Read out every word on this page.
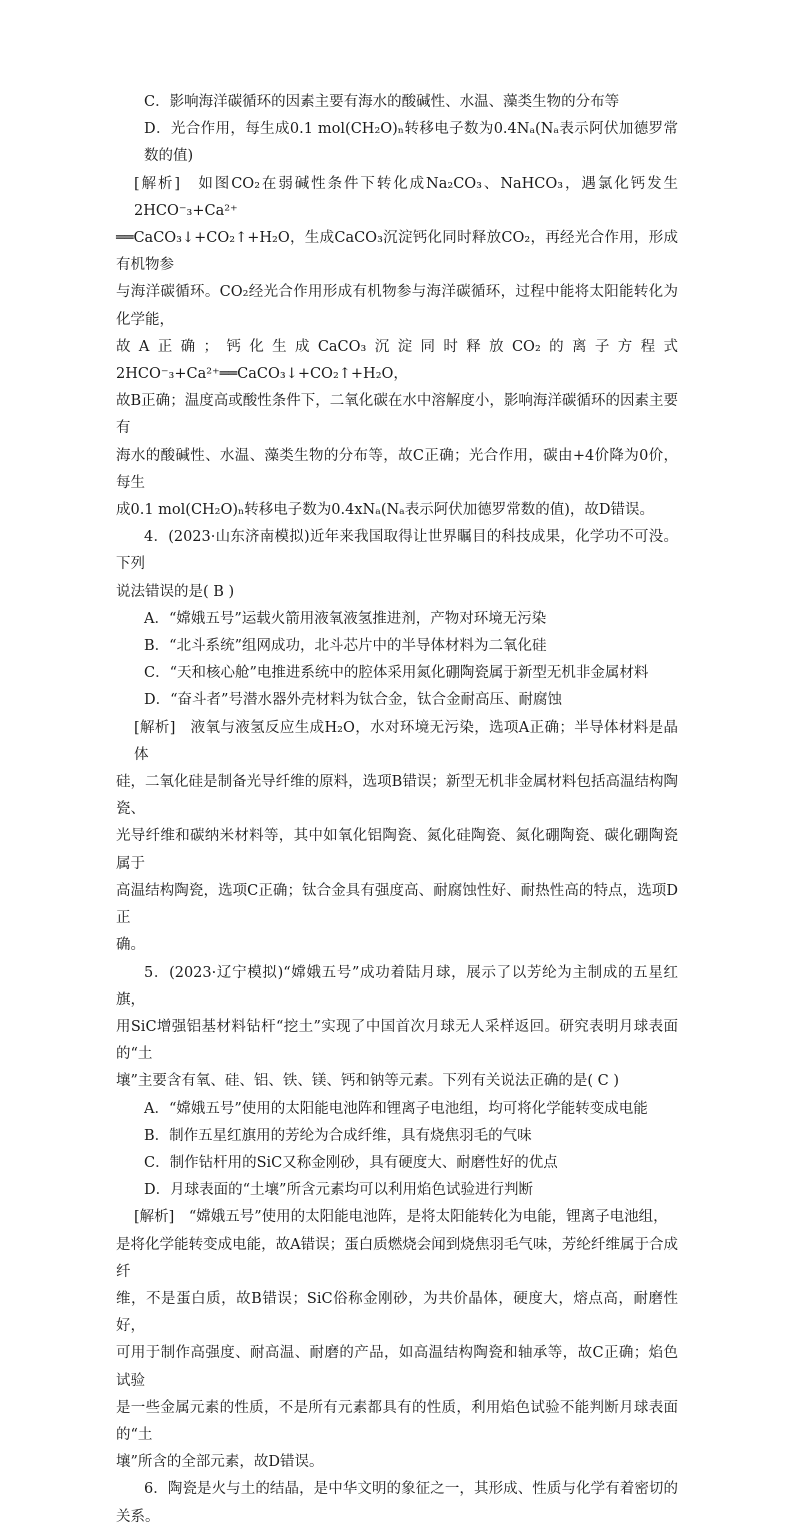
C．影响海洋碳循环的因素主要有海水的酸碱性、水温、藻类生物的分布等

D．光合作用，每生成0.1 mol(CH₂O)ₙ转移电子数为0.4Nₐ(Nₐ表示阿伏加德罗常数的值)

[解析]　如图CO₂在弱碱性条件下转化成Na₂CO₃、NaHCO₃，遇氯化钙发生 2HCO⁻₃+Ca²⁺

══CaCO₃↓+CO₂↑+H₂O，生成CaCO₃沉淀钙化同时释放CO₂，再经光合作用，形成有机物参

与海洋碳循环。CO₂经光合作用形成有机物参与海洋碳循环，过程中能将太阳能转化为化学能，

故A正确；钙化生成CaCO₃沉淀同时释放CO₂的离子方程式2HCO⁻₃+Ca²⁺══CaCO₃↓+CO₂↑+H₂O，

故B正确；温度高或酸性条件下，二氧化碳在水中溶解度小，影响海洋碳循环的因素主要有

海水的酸碱性、水温、藻类生物的分布等，故C正确；光合作用，碳由+4价降为0价，每生

成0.1 mol(CH₂O)ₙ转移电子数为0.4xNₐ(Nₐ表示阿伏加德罗常数的值)，故D错误。

4．(2023·山东济南模拟)近年来我国取得让世界瞩目的科技成果，化学功不可没。下列

说法错误的是( B )

A．“嫦娥五号”运载火箭用液氧液氢推进剂，产物对环境无污染

B．“北斗系统”组网成功，北斗芯片中的半导体材料为二氧化硅

C．“天和核心舱”电推进系统中的腔体采用氮化硼陶瓷属于新型无机非金属材料

D．“奋斗者”号潜水器外壳材料为钛合金，钛合金耐高压、耐腐蚀

[解析]　液氧与液氢反应生成H₂O，水对环境无污染，选项A正确；半导体材料是晶体

硅，二氧化硅是制备光导纤维的原料，选项B错误；新型无机非金属材料包括高温结构陶瓷、

光导纤维和碳纳米材料等，其中如氧化铝陶瓷、氮化硅陶瓷、氮化硼陶瓷、碳化硼陶瓷属于

高温结构陶瓷，选项C正确；钛合金具有强度高、耐腐蚀性好、耐热性高的特点，选项D正

确。

5．(2023·辽宁模拟)“嫦娥五号”成功着陆月球，展示了以芳纶为主制成的五星红旗，

用SiC增强铝基材料钻杆“挖土”实现了中国首次月球无人采样返回。研究表明月球表面的“土

壤”主要含有氧、硅、铝、铁、镁、钙和钠等元素。下列有关说法正确的是( C )

A．“嫦娥五号”使用的太阳能电池阵和锂离子电池组，均可将化学能转变成电能

B．制作五星红旗用的芳纶为合成纤维，具有烧焦羽毛的气味

C．制作钻杆用的SiC又称金刚砂，具有硬度大、耐磨性好的优点

D．月球表面的“土壤”所含元素均可以利用焰色试验进行判断

[解析]　“嫦娥五号”使用的太阳能电池阵，是将太阳能转化为电能，锂离子电池组，

是将化学能转变成电能，故A错误；蛋白质燃烧会闻到烧焦羽毛气味，芳纶纤维属于合成纤

维，不是蛋白质，故B错误；SiC俗称金刚砂，为共价晶体，硬度大，熔点高，耐磨性好，

可用于制作高强度、耐高温、耐磨的产品，如高温结构陶瓷和轴承等，故C正确；焰色试验

是一些金属元素的性质，不是所有元素都具有的性质，利用焰色试验不能判断月球表面的“土

壤”所含的全部元素，故D错误。

6．陶瓷是火与土的结晶，是中华文明的象征之一，其形成、性质与化学有着密切的关系。
